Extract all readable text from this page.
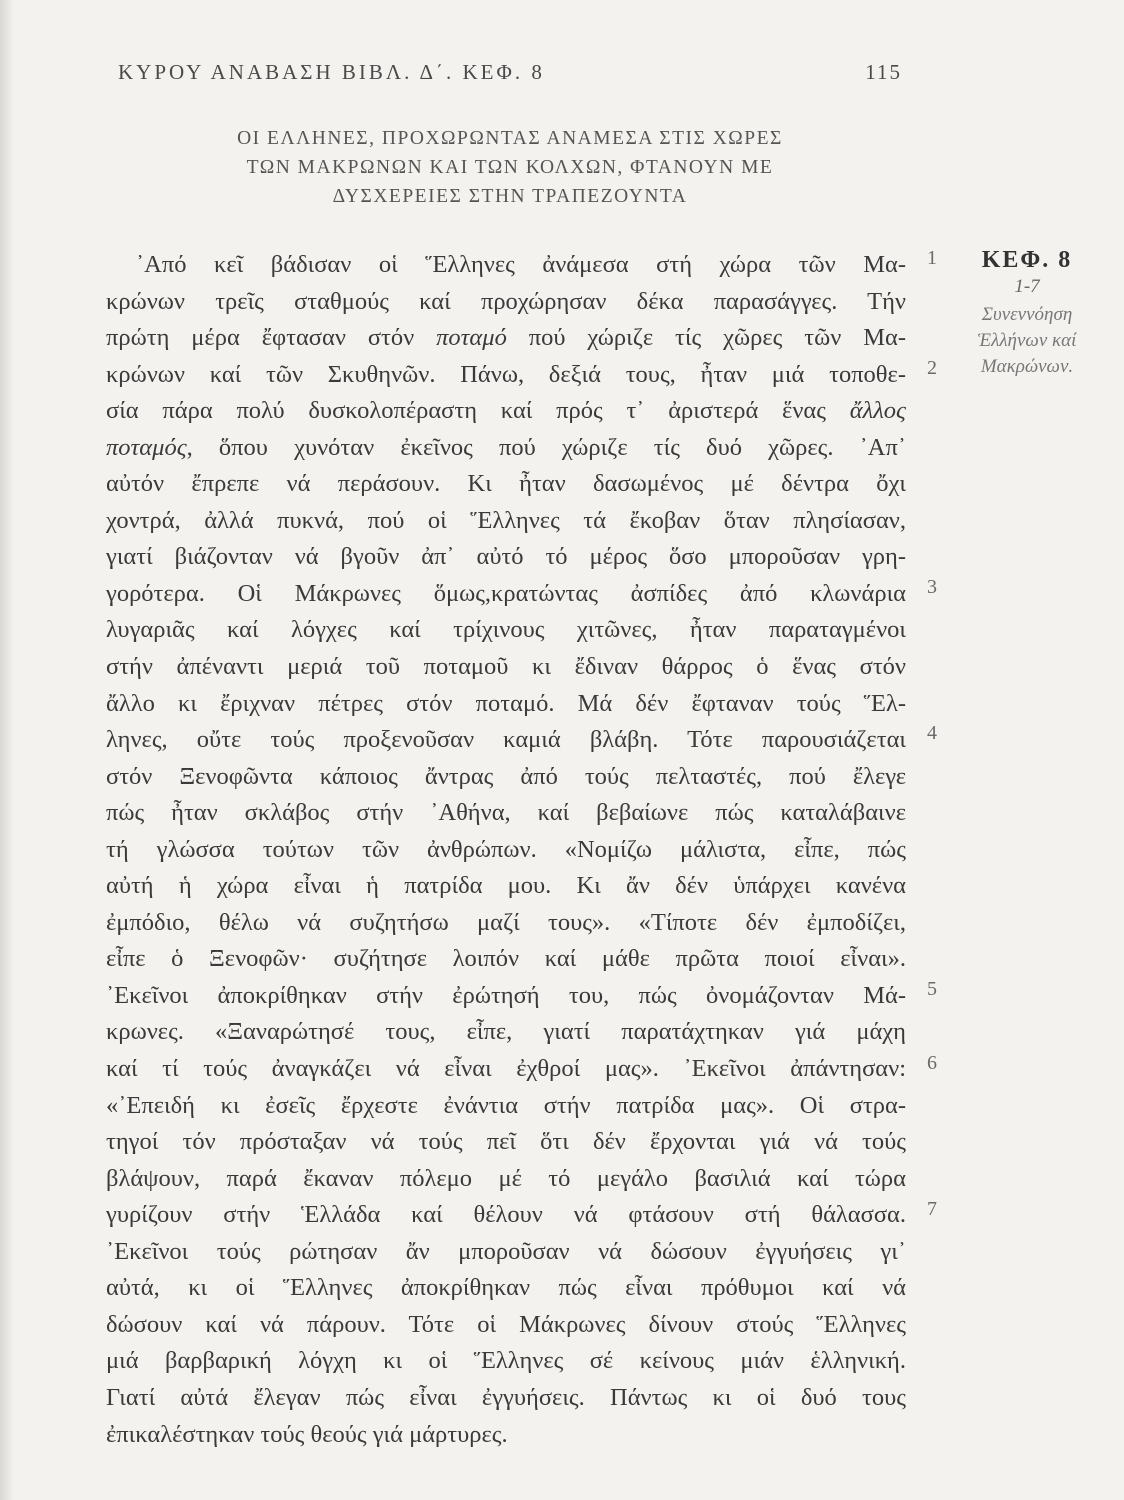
ΚΥΡΟΥ ΑΝΑΒΑΣΗ ΒΙΒΛ. Δ΄. ΚΕΦ. 8	115
ΟΙ ΕΛΛΗΝΕΣ, ΠΡΟΧΩΡΩΝΤΑΣ ΑΝΑΜΕΣΑ ΣΤΙΣ ΧΩΡΕΣ
ΤΩΝ ΜΑΚΡΩΝΩΝ ΚΑΙ ΤΩΝ ΚΟΛΧΩΝ, ΦΤΑΝΟΥΝ ΜΕ
ΔΥΣΧΕΡΕΙΕΣ ΣΤΗΝ ΤΡΑΠΕΖΟΥΝΤΑ
᾿Από κεῖ βάδισαν οἱ Ἕλληνες ἀνάμεσα στή χώρα τῶν Μα-
κρώνων τρεῖς σταθμούς καί προχώρησαν δέκα παρασάγγες. Τήν
πρώτη μέρα ἔφτασαν στόν ποταμό πού χώριζε τίς χῶρες τῶν Μα-
κρώνων καί τῶν Σκυθηνῶν. Πάνω, δεξιά τους, ἦταν μιά τοποθε-
σία πάρα πολύ δυσκολοπέραστη καί πρός τ᾿ ἀριστερά ἕνας ἄλλος
ποταμός, ὅπου χυνόταν ἐκεῖνος πού χώριζε τίς δυό χῶρες. ᾿Απ᾿
αὐτόν ἔπρεπε νά περάσουν. Κι ἦταν δασωμένος μέ δέντρα ὄχι
χοντρά, ἀλλά πυκνά, πού οἱ Ἕλληνες τά ἔκοβαν ὅταν πλησίασαν,
γιατί βιάζονταν νά βγοῦν ἀπ᾿ αὐτό τό μέρος ὅσο μποροῦσαν γρη-
γορότερα. Οἱ Μάκρωνες ὅμως,κρατώντας ἀσπίδες ἀπό κλωνάρια
λυγαριᾶς καί λόγχες καί τρίχινους χιτῶνες, ἦταν παραταγμένοι
στήν ἀπέναντι μεριά τοῦ ποταμοῦ κι ἔδιναν θάρρος ὁ ἕνας στόν
ἄλλο κι ἔριχναν πέτρες στόν ποταμό. Μά δέν ἔφταναν τούς Ἕλ-
ληνες, οὔτε τούς προξενοῦσαν καμιά βλάβη. Τότε παρουσιάζεται
στόν Ξενοφῶντα κάποιος ἄντρας ἀπό τούς πελταστές, πού ἔλεγε
πώς ἦταν σκλάβος στήν ᾿Αθήνα, καί βεβαίωνε πώς καταλάβαινε
τή γλώσσα τούτων τῶν ἀνθρώπων. «Νομίζω μάλιστα, εἶπε, πώς
αὐτή ἡ χώρα εἶναι ἡ πατρίδα μου. Κι ἄν δέν ὑπάρχει κανένα
ἐμπόδιο, θέλω νά συζητήσω μαζί τους». «Τίποτε δέν ἐμποδίζει,
εἶπε ὁ Ξενοφῶν· συζήτησε λοιπόν καί μάθε πρῶτα ποιοί εἶναι».
᾿Εκεῖνοι ἀποκρίθηκαν στήν ἐρώτησή του, πώς ὀνομάζονταν Μά-
κρωνες. «Ξαναρώτησέ τους, εἶπε, γιατί παρατάχτηκαν γιά μάχη
καί τί τούς ἀναγκάζει νά εἶναι ἐχθροί μας». ᾿Εκεῖνοι ἀπάντησαν:
«᾿Επειδή κι ἐσεῖς ἔρχεστε ἐνάντια στήν πατρίδα μας». Οἱ στρα-
τηγοί τόν πρόσταξαν νά τούς πεῖ ὅτι δέν ἔρχονται γιά νά τούς
βλάψουν, παρά ἔκαναν πόλεμο μέ τό μεγάλο βασιλιά καί τώρα
γυρίζουν στήν Ἑλλάδα καί θέλουν νά φτάσουν στή θάλασσα.
᾿Εκεῖνοι τούς ρώτησαν ἄν μποροῦσαν νά δώσουν ἐγγυήσεις γι᾿
αὐτά, κι οἱ Ἕλληνες ἀποκρίθηκαν πώς εἶναι πρόθυμοι καί νά
δώσουν καί νά πάρουν. Τότε οἱ Μάκρωνες δίνουν στούς Ἕλληνες
μιά βαρβαρική λόγχη κι οἱ Ἕλληνες σέ κείνους μιάν ἑλληνική.
Γιατί αὐτά ἔλεγαν πώς εἶναι ἐγγυήσεις. Πάντως κι οἱ δυό τους
ἐπικαλέστηκαν τούς θεούς γιά μάρτυρες.
1
2
3
4
5
6
7
ΚΕΦ. 8
1-7
Συνεννόηση
Ἑλλήνων καί
Μακρώνων.
